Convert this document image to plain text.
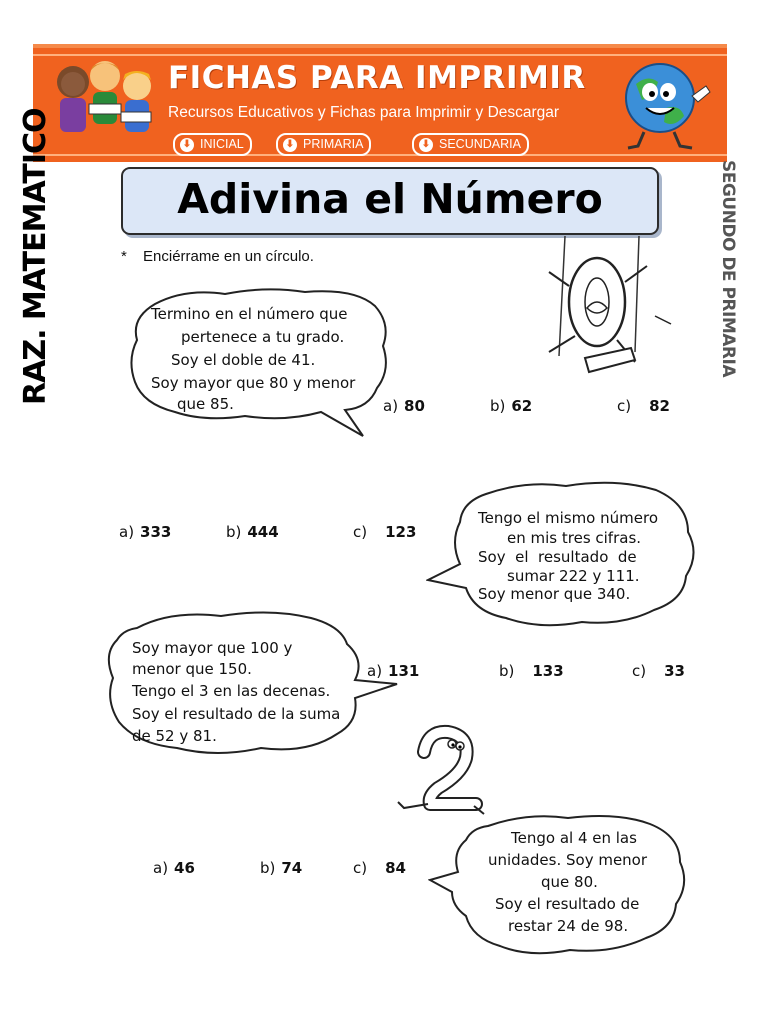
FICHAS PARA IMPRIMIR
Recursos Educativos y Fichas para Imprimir y Descargar
⬇ INICIAL	⬇ PRIMARIA	⬇ SECUNDARIA
RAZ. MATEMATICO	SEGUNDO DE PRIMARIA
Adivina el Número
* Enciérrame en un círculo.
Termino en el número que
pertenece a tu grado.
Soy el doble de 41.
Soy mayor que 80 y menor
que 85.	a) 80	b) 62	c) 82
a) 333	b) 444	c) 123
Tengo el mismo número
en mis tres cifras.
Soy  el  resultado  de
sumar 222 y 111.
Soy menor que 340.
Soy mayor que 100 y
menor que 150.
Tengo el 3 en las decenas.
Soy el resultado de la suma
de 52 y 81.
a) 131	b) 133	c) 33
a) 46	b) 74	c) 84
Tengo al 4 en las
unidades. Soy menor
que 80.
Soy el resultado de
restar 24 de 98.
